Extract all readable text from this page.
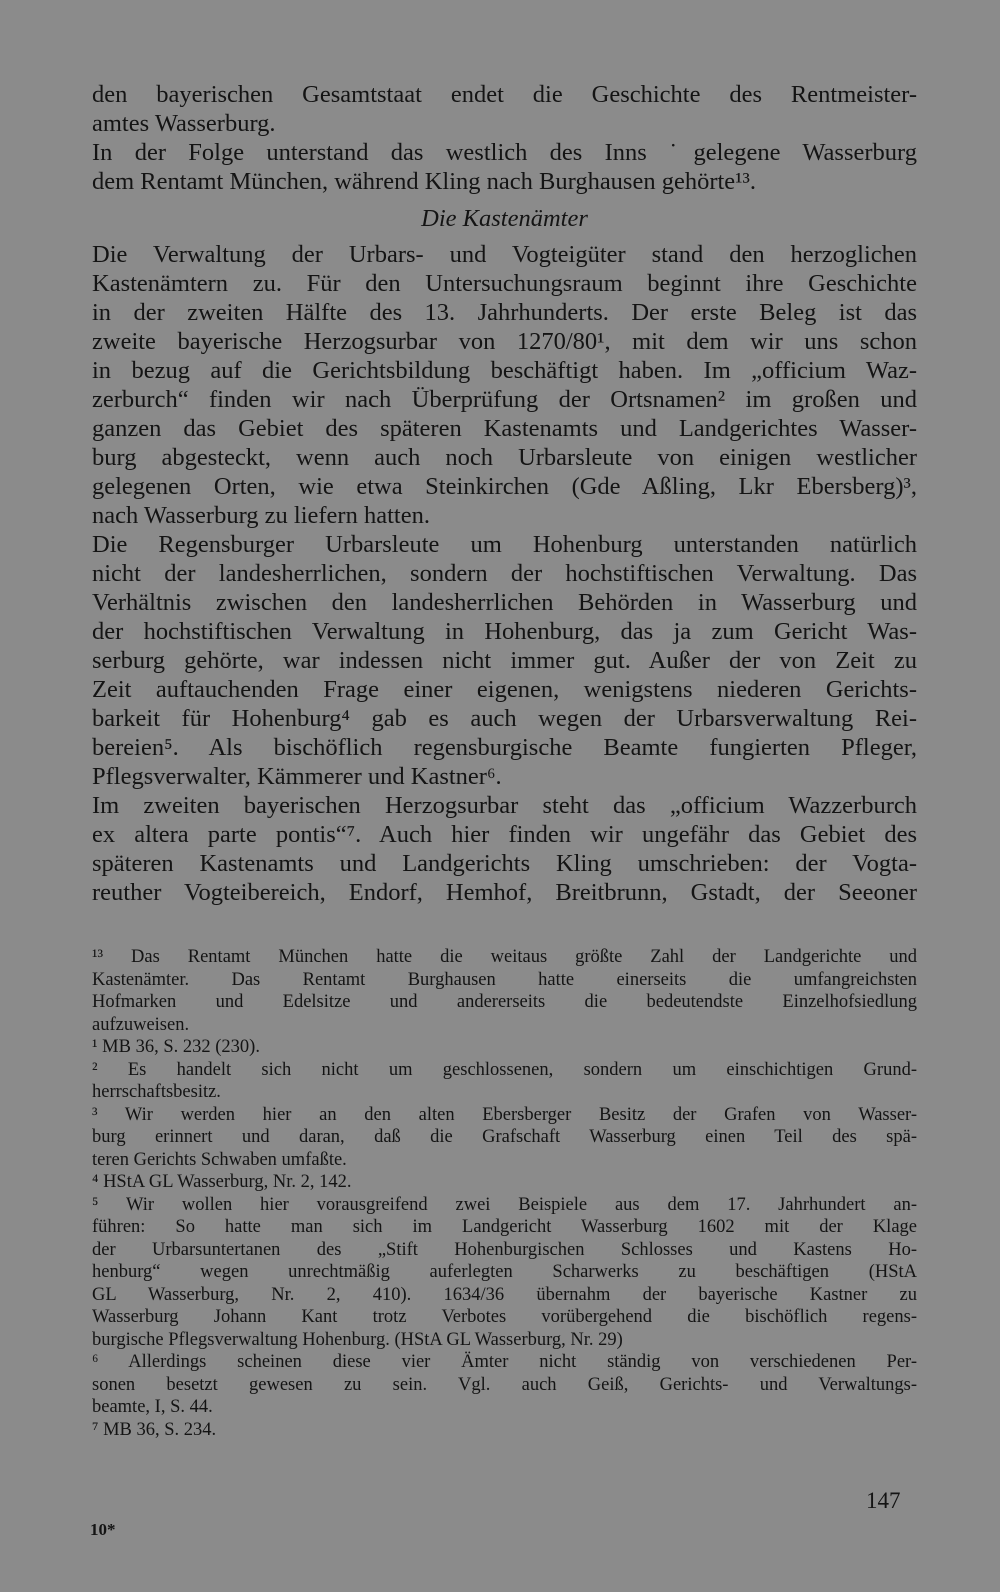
den bayerischen Gesamtstaat endet die Geschichte des Rentmeister-
amtes Wasserburg.
In der Folge unterstand das westlich des Inns ˙gelegene Wasserburg
dem Rentamt München, während Kling nach Burghausen gehörte¹³.
Die Kastenämter
Die Verwaltung der Urbars- und Vogteigüter stand den herzoglichen
Kastenämtern zu. Für den Untersuchungsraum beginnt ihre Geschichte
in der zweiten Hälfte des 13. Jahrhunderts. Der erste Beleg ist das
zweite bayerische Herzogsurbar von 1270/80¹, mit dem wir uns schon
in bezug auf die Gerichtsbildung beschäftigt haben. Im „officium Waz-
zerburch“ finden wir nach Überprüfung der Ortsnamen² im großen und
ganzen das Gebiet des späteren Kastenamts und Landgerichtes Wasser-
burg abgesteckt, wenn auch noch Urbarsleute von einigen westlicher
gelegenen Orten, wie etwa Steinkirchen (Gde Aßling, Lkr Ebersberg)³,
nach Wasserburg zu liefern hatten.
Die Regensburger Urbarsleute um Hohenburg unterstanden natürlich
nicht der landesherrlichen, sondern der hochstiftischen Verwaltung. Das
Verhältnis zwischen den landesherrlichen Behörden in Wasserburg und
der hochstiftischen Verwaltung in Hohenburg, das ja zum Gericht Was-
serburg gehörte, war indessen nicht immer gut. Außer der von Zeit zu
Zeit auftauchenden Frage einer eigenen, wenigstens niederen Gerichts-
barkeit für Hohenburg⁴ gab es auch wegen der Urbarsverwaltung Rei-
bereien⁵. Als bischöflich regensburgische Beamte fungierten Pfleger,
Pflegsverwalter, Kämmerer und Kastner⁶.
Im zweiten bayerischen Herzogsurbar steht das „officium Wazzerburch
ex altera parte pontis“⁷. Auch hier finden wir ungefähr das Gebiet des
späteren Kastenamts und Landgerichts Kling umschrieben: der Vogta-
reuther Vogteibereich, Endorf, Hemhof, Breitbrunn, Gstadt, der Seeoner
¹³ Das Rentamt München hatte die weitaus größte Zahl der Landgerichte und
Kastenämter. Das Rentamt Burghausen hatte einerseits die umfangreichsten
Hofmarken und Edelsitze und andererseits die bedeutendste Einzelhofsiedlung
aufzuweisen.
¹ MB 36, S. 232 (230).
² Es handelt sich nicht um geschlossenen, sondern um einschichtigen Grund-
herrschaftsbesitz.
³ Wir werden hier an den alten Ebersberger Besitz der Grafen von Wasser-
burg erinnert und daran, daß die Grafschaft Wasserburg einen Teil des spä-
teren Gerichts Schwaben umfaßte.
⁴ HStA GL Wasserburg, Nr. 2, 142.
⁵ Wir wollen hier vorausgreifend zwei Beispiele aus dem 17. Jahrhundert an-
führen: So hatte man sich im Landgericht Wasserburg 1602 mit der Klage
der Urbarsuntertanen des „Stift Hohenburgischen Schlosses und Kastens Ho-
henburg“ wegen unrechtmäßig auferlegten Scharwerks zu beschäftigen (HStA
GL Wasserburg, Nr. 2, 410). 1634/36 übernahm der bayerische Kastner zu
Wasserburg Johann Kant trotz Verbotes vorübergehend die bischöflich regens-
burgische Pflegsverwaltung Hohenburg. (HStA GL Wasserburg, Nr. 29)
⁶ Allerdings scheinen diese vier Ämter nicht ständig von verschiedenen Per-
sonen besetzt gewesen zu sein. Vgl. auch Geiß, Gerichts- und Verwaltungs-
beamte, I, S. 44.
⁷ MB 36, S. 234.
147
10*
